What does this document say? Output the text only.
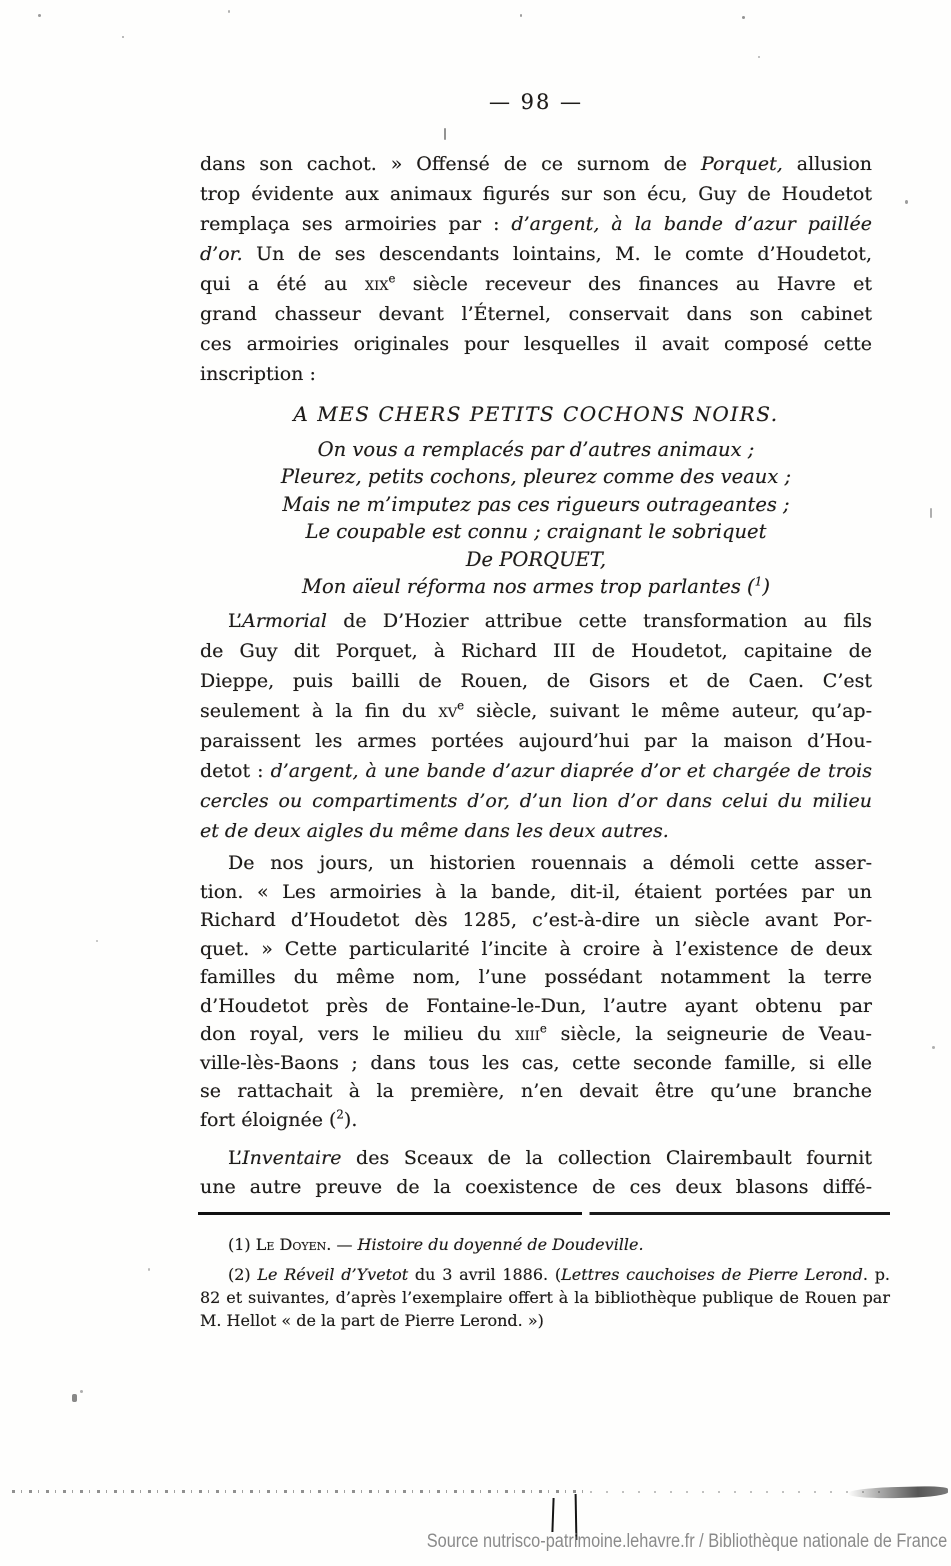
— 98 —
dans son cachot. » Offensé de ce surnom de Porquet, allusion
trop évidente aux animaux figurés sur son écu, Guy de Houdetot
remplaça ses armoiries par : d’argent, à la bande d’azur paillée
d’or. Un de ses descendants lointains, M. le comte d’Houdetot,
qui a été au xix$^e$ siècle receveur des finances au Havre et
grand chasseur devant l’Éternel, conservait dans son cabinet
ces armoiries originales pour lesquelles il avait composé cette
inscription :
A MES CHERS PETITS COCHONS NOIRS.
On vous a remplacés par d’autres animaux ;
Pleurez, petits cochons, pleurez comme des veaux ;
Mais ne m’imputez pas ces rigueurs outrageantes ;
Le coupable est connu ; craignant le sobriquet
De PORQUET,
Mon aïeul réforma nos armes trop parlantes ($^1$)
L’Armorial de D’Hozier attribue cette transformation au fils
de Guy dit Porquet, à Richard III de Houdetot, capitaine de
Dieppe, puis bailli de Rouen, de Gisors et de Caen. C’est
seulement à la fin du $xv^e$ siècle, suivant le même auteur, qu’ap-
paraissent les armes portées aujourd’hui par la maison d’Hou-
detot : d’argent, à une bande d’azur diaprée d’or et chargée de trois
cercles ou compartiments d’or, d’un lion d’or dans celui du milieu
et de deux aigles du même dans les deux autres.
De nos jours, un historien rouennais a démoli cette asser-
tion. « Les armoiries à la bande, dit-il, étaient portées par un
Richard d’Houdetot dès 1285, c’est-à-dire un siècle avant Por-
quet. » Cette particularité l’incite à croire à l’existence de deux
familles du même nom, l’une possédant notamment la terre
d’Houdetot près de Fontaine-le-Dun, l’autre ayant obtenu par
don royal, vers le milieu du xiii$^e$ siècle, la seigneurie de Veau-
ville-lès-Baons ; dans tous les cas, cette seconde famille, si elle
se rattachait à la première, n’en devait être qu’une branche
fort éloignée ($^2$).
L’Inventaire des Sceaux de la collection Clairembault fournit
une autre preuve de la coexistence de ces deux blasons diffé-
(1) Le Doyen. — Histoire du doyenné de Doudeville.
(2) Le Réveil d’Yvetot du 3 avril 1886. (Lettres cauchoises de Pierre Lerond. p.
82 et suivantes, d’après l’exemplaire offert à la bibliothèque publique de Rouen par
M. Hellot « de la part de Pierre Lerond. »)
Source nutrisco-patrimoine.lehavre.fr / Bibliothèque nationale de France
